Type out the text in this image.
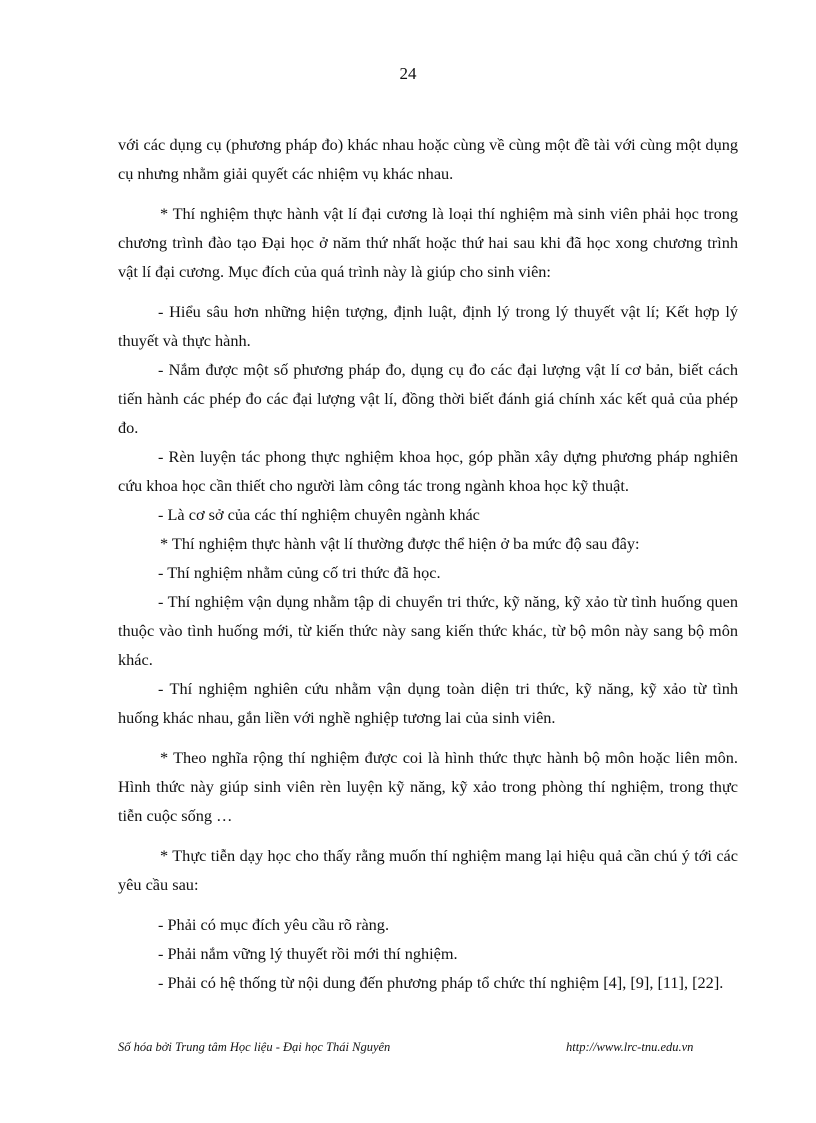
24

với các dụng cụ (phương pháp đo) khác nhau hoặc cùng về cùng một đề tài với cùng một dụng cụ nhưng nhằm giải quyết các nhiệm vụ khác nhau.

* Thí nghiệm thực hành vật lí đại cương là loại thí nghiệm mà sinh viên phải học trong chương trình đào tạo Đại học ở năm thứ nhất hoặc thứ hai sau khi đã học xong chương trình vật lí đại cương. Mục đích của quá trình này là giúp cho sinh viên:

- Hiểu sâu hơn những hiện tượng, định luật, định lý trong lý thuyết vật lí; Kết hợp lý thuyết và thực hành.

- Nắm được một số phương pháp đo, dụng cụ đo các đại lượng vật lí cơ bản, biết cách tiến hành các phép đo các đại lượng vật lí, đồng thời biết đánh giá chính xác kết quả của phép đo.

- Rèn luyện tác phong thực nghiệm khoa học, góp phần xây dựng phương pháp nghiên cứu khoa học cần thiết cho người làm công tác trong ngành khoa học kỹ thuật.

- Là cơ sở của các thí nghiệm chuyên ngành khác

* Thí nghiệm thực hành vật lí thường được thể hiện ở ba mức độ sau đây:

- Thí nghiệm nhằm củng cố tri thức đã học.

- Thí nghiệm vận dụng nhằm tập di chuyển tri thức, kỹ năng, kỹ xảo từ tình huống quen thuộc vào tình huống mới, từ kiến thức này sang kiến thức khác, từ bộ môn này sang bộ môn khác.

- Thí nghiệm nghiên cứu nhằm vận dụng toàn diện tri thức, kỹ năng, kỹ xảo từ tình huống khác nhau, gắn liền với nghề nghiệp tương lai của sinh viên.

* Theo nghĩa rộng thí nghiệm được coi là hình thức thực hành bộ môn hoặc liên môn. Hình thức này giúp sinh viên rèn luyện kỹ năng, kỹ xảo trong phòng thí nghiệm, trong thực tiễn cuộc sống …

* Thực tiễn dạy học cho thấy rằng muốn thí nghiệm mang lại hiệu quả cần chú ý tới các yêu cầu sau:

- Phải có mục đích yêu cầu rõ ràng.

- Phải nắm vững lý thuyết rồi mới thí nghiệm.

- Phải có hệ thống từ nội dung đến phương pháp tổ chức thí nghiệm [4], [9], [11], [22].

Số hóa bởi Trung tâm Học liệu - Đại học Thái Nguyên	http://www.lrc-tnu.edu.vn
